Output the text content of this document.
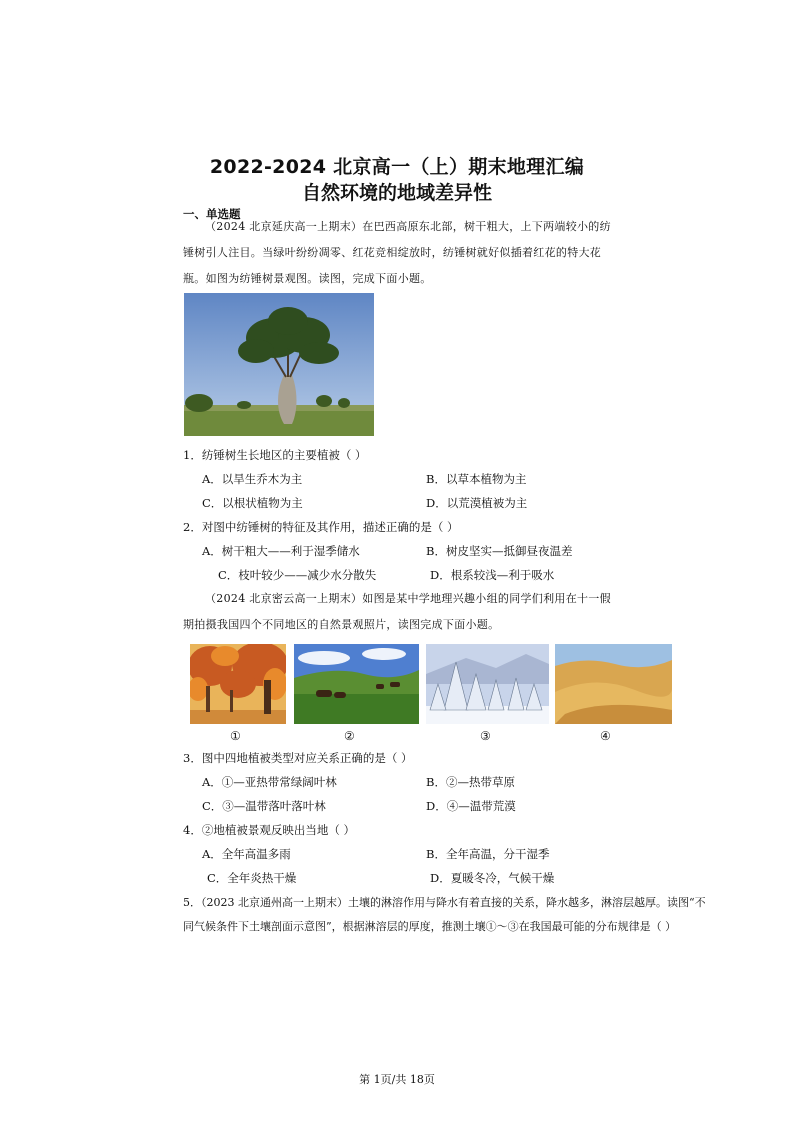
2022-2024 北京高一（上）期末地理汇编
自然环境的地域差异性
一、单选题
（2024 北京延庆高一上期末）在巴西高原东北部，树干粗大，上下两端较小的纺锤树引人注目。当绿叶纷纷凋零、红花竞相绽放时，纺锤树就好似插着红花的特大花瓶。如图为纺锤树景观图。读图，完成下面小题。
1．纺锤树生长地区的主要植被（ ）
A．以旱生乔木为主	B．以草本植物为主
C．以根状植物为主	D．以荒漠植被为主
2．对图中纺锤树的特征及其作用，描述正确的是（ ）
A．树干粗大——利于湿季储水	B．树皮坚实—抵御昼夜温差
C．枝叶较少——减少水分散失	D．根系较浅—利于吸水
（2024 北京密云高一上期末）如图是某中学地理兴趣小组的同学们利用在十一假期拍摄我国四个不同地区的自然景观照片，读图完成下面小题。
①	②	③	④
3．图中四地植被类型对应关系正确的是（ ）
A．①—亚热带常绿阔叶林	B．②—热带草原
C．③—温带落叶落叶林	D．④—温带荒漠
4．②地植被景观反映出当地（ ）
A．全年高温多雨	B．全年高温，分干湿季
C．全年炎热干燥	D．夏暖冬冷，气候干燥
5．（2023 北京通州高一上期末）土壤的淋溶作用与降水有着直接的关系，降水越多，淋溶层越厚。读图“不
同气候条件下土壤剖面示意图”，根据淋溶层的厚度，推测土壤①～③在我国最可能的分布规律是（ ）
第 1页/共 18页
